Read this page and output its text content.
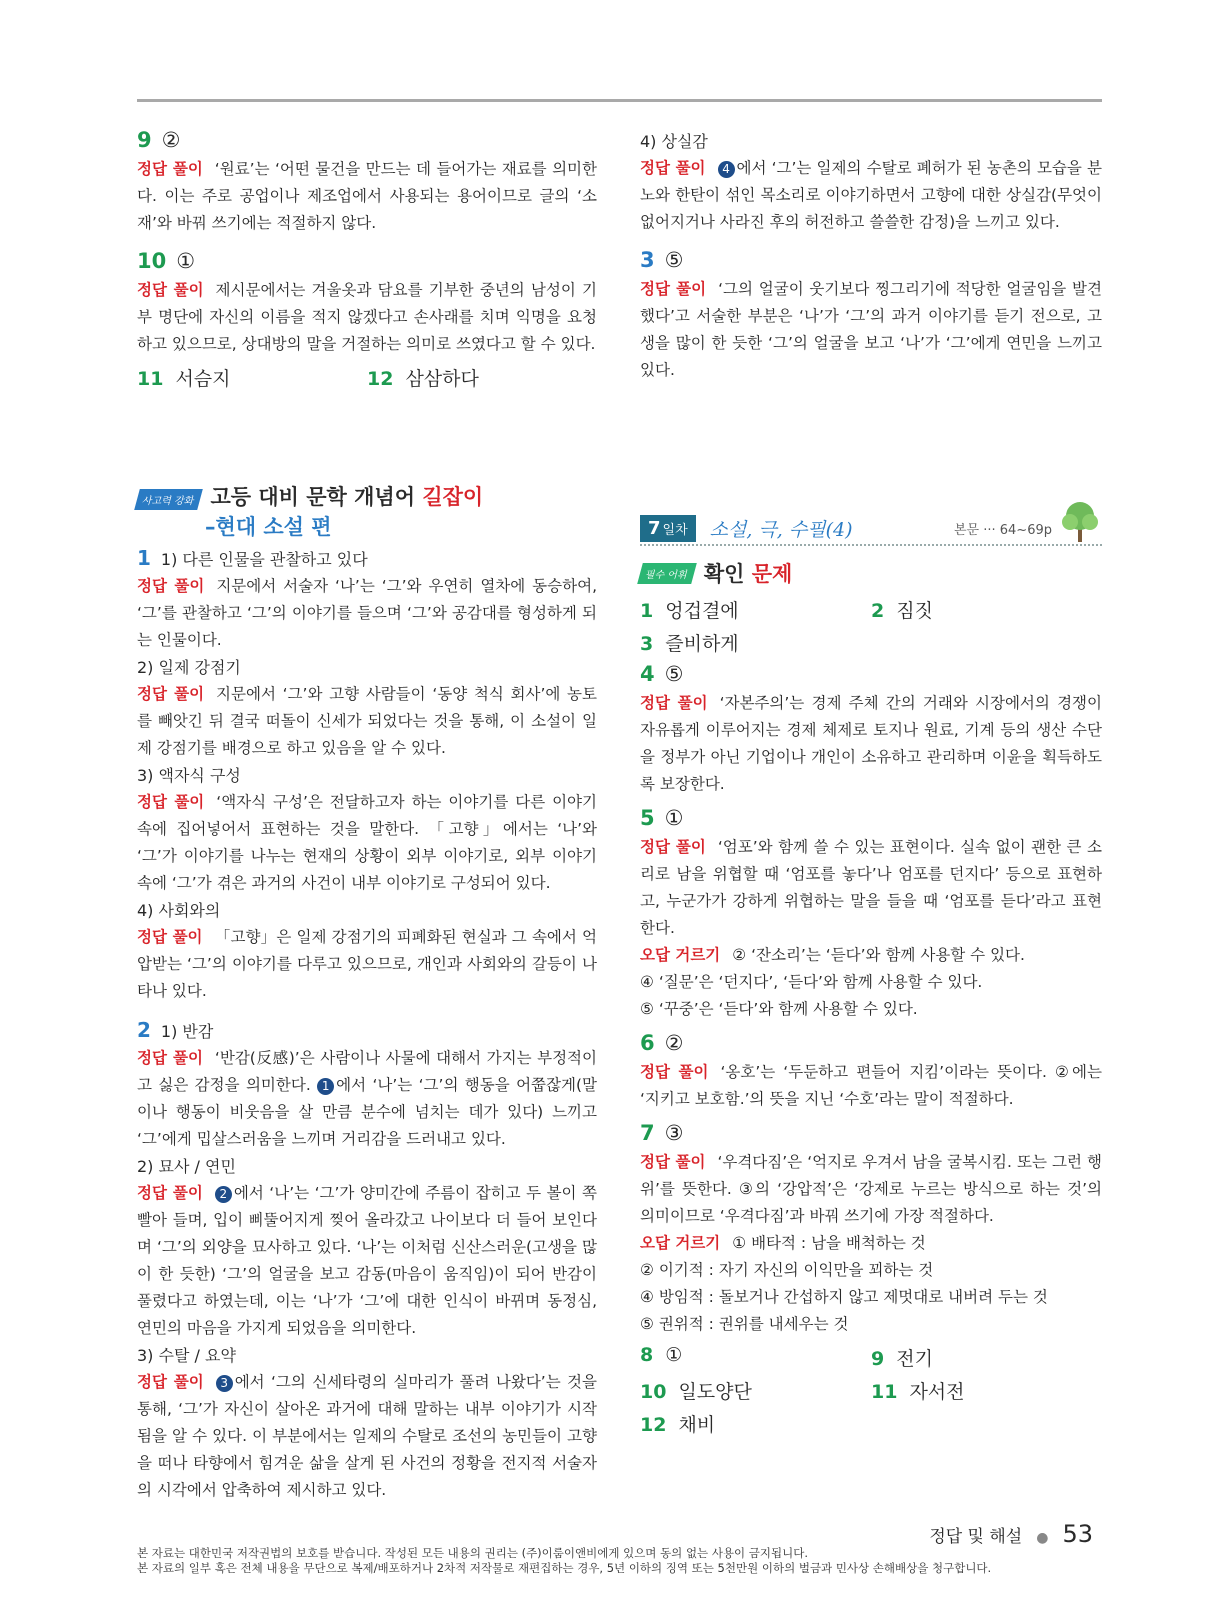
9 ②

정답 풀이 ‘원료’는 ‘어떤 물건을 만드는 데 들어가는 재료를 의미한다. 이는 주로 공업이나 제조업에서 사용되는 용어이므로 글의 ‘소재’와 바꿔 쓰기에는 적절하지 않다.

10 ①

정답 풀이 제시문에서는 겨울옷과 담요를 기부한 중년의 남성이 기부 명단에 자신의 이름을 적지 않겠다고 손사래를 치며 익명을 요청하고 있으므로, 상대방의 말을 거절하는 의미로 쓰였다고 할 수 있다.

11 서슴지	12 삼삼하다

4) 상실감

정답 풀이 4 에서 ‘그’는 일제의 수탈로 폐허가 된 농촌의 모습을 분노와 한탄이 섞인 목소리로 이야기하면서 고향에 대한 상실감(무엇이 없어지거나 사라진 후의 허전하고 쓸쓸한 감정)을 느끼고 있다.

3 ⑤

정답 풀이 ‘그의 얼굴이 웃기보다 찡그리기에 적당한 얼굴임을 발견했다’고 서술한 부분은 ‘나’가 ‘그’의 과거 이야기를 듣기 전으로, 고생을 많이 한 듯한 ‘그’의 얼굴을 보고 ‘나’가 ‘그’에게 연민을 느끼고 있다.

사고력 강화 고등 대비 문학 개념어 길잡이
–현대 소설 편

1 1) 다른 인물을 관찰하고 있다

정답 풀이 지문에서 서술자 ‘나’는 ‘그’와 우연히 열차에 동승하여, ‘그’를 관찰하고 ‘그’의 이야기를 들으며 ‘그’와 공감대를 형성하게 되는 인물이다.

2) 일제 강점기

정답 풀이 지문에서 ‘그’와 고향 사람들이 ‘동양 척식 회사’에 농토를 빼앗긴 뒤 결국 떠돌이 신세가 되었다는 것을 통해, 이 소설이 일제 강점기를 배경으로 하고 있음을 알 수 있다.

3) 액자식 구성

정답 풀이 ‘액자식 구성’은 전달하고자 하는 이야기를 다른 이야기 속에 집어넣어서 표현하는 것을 말한다. 「고향」에서는 ‘나’와 ‘그’가 이야기를 나누는 현재의 상황이 외부 이야기로, 외부 이야기 속에 ‘그’가 겪은 과거의 사건이 내부 이야기로 구성되어 있다.

4) 사회와의

정답 풀이 「고향」은 일제 강점기의 피폐화된 현실과 그 속에서 억압받는 ‘그’의 이야기를 다루고 있으므로, 개인과 사회와의 갈등이 나타나 있다.

2 1) 반감

정답 풀이 ‘반감(反感)’은 사람이나 사물에 대해서 가지는 부정적이고 싫은 감정을 의미한다. 1 에서 ‘나’는 ‘그’의 행동을 어쭙잖게(말이나 행동이 비웃음을 살 만큼 분수에 넘치는 데가 있다) 느끼고 ‘그’에게 밉살스러움을 느끼며 거리감을 드러내고 있다.

2) 묘사 / 연민

정답 풀이 2 에서 ‘나’는 ‘그’가 양미간에 주름이 잡히고 두 볼이 쪽 빨아 들며, 입이 삐뚤어지게 찢어 올라갔고 나이보다 더 들어 보인다며 ‘그’의 외양을 묘사하고 있다. ‘나’는 이처럼 신산스러운(고생을 많이 한 듯한) ‘그’의 얼굴을 보고 감동(마음이 움직임)이 되어 반감이 풀렸다고 하였는데, 이는 ‘나’가 ‘그’에 대한 인식이 바뀌며 동정심, 연민의 마음을 가지게 되었음을 의미한다.

3) 수탈 / 요약

정답 풀이 3 에서 ‘그의 신세타령의 실마리가 풀려 나왔다’는 것을 통해, ‘그’가 자신이 살아온 과거에 대해 말하는 내부 이야기가 시작됨을 알 수 있다. 이 부분에서는 일제의 수탈로 조선의 농민들이 고향을 떠나 타향에서 힘겨운 삶을 살게 된 사건의 정황을 전지적 서술자의 시각에서 압축하여 제시하고 있다.

7 일차	소설, 극, 수필(4)	본문 ··· 64~69p
필수 어휘 확인 문제
1 엉겁결에	2 짐짓
3 즐비하게
4 ⑤

정답 풀이 ‘자본주의’는 경제 주체 간의 거래와 시장에서의 경쟁이 자유롭게 이루어지는 경제 체제로 토지나 원료, 기계 등의 생산 수단을 정부가 아닌 기업이나 개인이 소유하고 관리하며 이윤을 획득하도록 보장한다.

5 ①

정답 풀이 ‘엄포’와 함께 쓸 수 있는 표현이다. 실속 없이 괜한 큰 소리로 남을 위협할 때 ‘엄포를 놓다’나 엄포를 던지다’ 등으로 표현하고, 누군가가 강하게 위협하는 말을 들을 때 ‘엄포를 듣다’라고 표현한다.

오답 거르기 ② ‘잔소리’는 ‘듣다’와 함께 사용할 수 있다.

④ ‘질문’은 ‘던지다’, ‘듣다’와 함께 사용할 수 있다.

⑤ ‘꾸중’은 ‘듣다’와 함께 사용할 수 있다.

6 ②

정답 풀이 ‘옹호’는 ‘두둔하고 편들어 지킴’이라는 뜻이다. ②에는 ‘지키고 보호함.’의 뜻을 지닌 ‘수호’라는 말이 적절하다.

7 ③

정답 풀이 ‘우격다짐’은 ‘억지로 우겨서 남을 굴복시킴. 또는 그런 행위’를 뜻한다. ③의 ‘강압적’은 ‘강제로 누르는 방식으로 하는 것’의 의미이므로 ‘우격다짐’과 바꿔 쓰기에 가장 적절하다.

오답 거르기 ① 배타적 : 남을 배척하는 것

② 이기적 : 자기 자신의 이익만을 꾀하는 것

④ 방임적 : 돌보거나 간섭하지 않고 제멋대로 내버려 두는 것

⑤ 권위적 : 권위를 내세우는 것

8 ①	9 전기
10 일도양단	11 자서전
12 채비
정답 및 해설 ● 53
본 자료는 대한민국 저작권법의 보호를 받습니다. 작성된 모든 내용의 권리는 (주)이룸이앤비에게 있으며 동의 없는 사용이 금지됩니다.
본 자료의 일부 혹은 전체 내용을 무단으로 복제/배포하거나 2차적 저작물로 재편집하는 경우, 5년 이하의 징역 또는 5천만원 이하의 벌금과 민사상 손해배상을 청구합니다.
